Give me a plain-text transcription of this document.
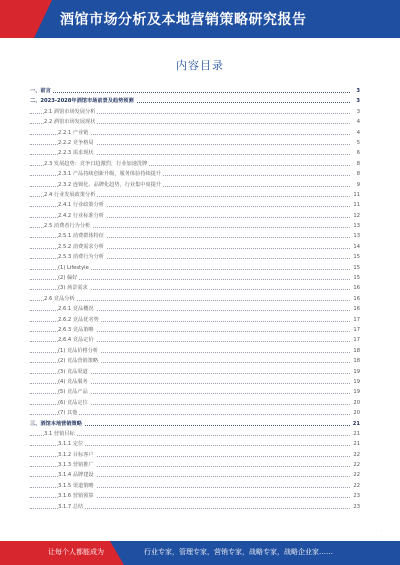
酒馆市场分析及本地营销策略研究报告
内容目录
一、前言	3
二、2023-2028年酒馆市场前景及趋势预测	3
2.1 酒馆市场发展分析	3
2.2 酒馆市场发展现状	4
2.2.1 产业链	4
2.2.2 竞争格局	5
2.2.3 需求现状	6
2.3 发展趋势：竞争日趋激烈，行业加速洗牌	8
2.3.1 产品持续创新升级，服务体验持续提升	8
2.3.2 连锁化、品牌化趋势，行业集中度提升	9
2.4 行业发展政策分析	11
2.4.1 行业政策分析	11
2.4.2 行业标准分析	12
2.5 消费者行为分析	13
2.5.1 消费群体特征	13
2.5.2 消费需求分析	14
2.5.3 消费行为分析	15
(1) Lifestyle	15
(2) 偏好	15
(3) 场景需求	16
2.6 竞品分析	16
2.6.1 竞品概况	16
2.6.2 竞品优劣势	17
2.6.3 竞品策略	17
2.6.4 竞品定价	17
(1) 竞品价格分析	18
(2) 竞品营销策略	18
(3) 竞品渠道	19
(4) 竞品服务	19
(5) 竞品产品	19
(6) 竞品定位	20
(7) 其他	20
三、酒馆本地营销策略	21
3.1 营销目标	21
3.1.1 定位	21
3.1.2 目标客户	22
3.1.3 营销推广	22
3.1.4 品牌建设	22
3.1.5 渠道策略	22
3.1.6 营销预算	23
3.1.7 总结	23
·
让每个人都能成为	行业专家，管理专家，营销专家，战略专家，战略企业家……
